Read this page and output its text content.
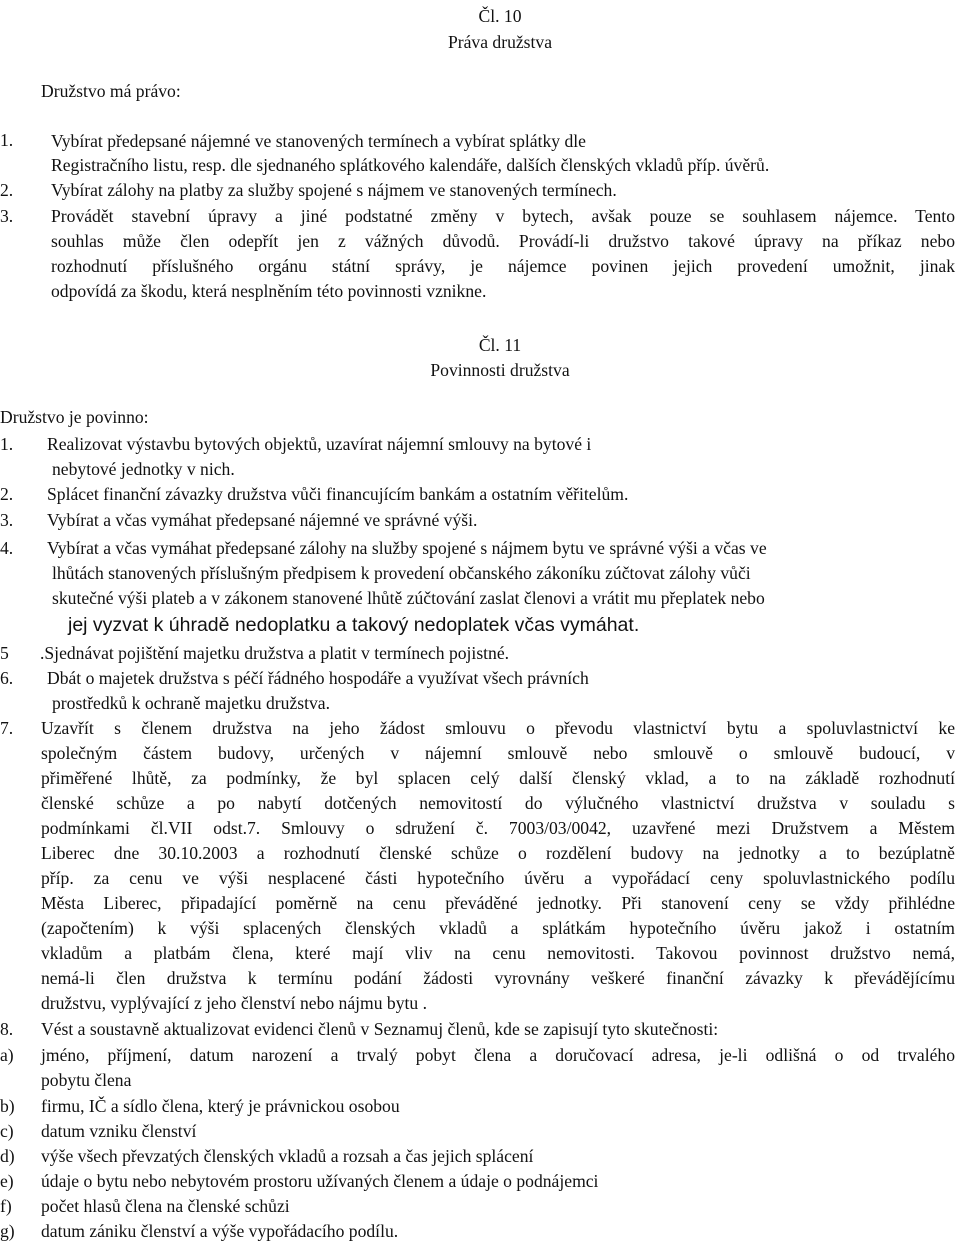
Čl. 10
Práva družstva
Družstvo má právo:
1. Vybírat předepsané nájemné ve stanovených termínech a vybírat splátky dle
Registračního listu, resp. dle sjednaného splátkového kalendáře, dalších členských vkladů příp. úvěrů.
2. Vybírat zálohy na platby za služby spojené s nájmem ve stanovených termínech.
3. Provádět stavební úpravy a jiné podstatné změny v bytech, avšak pouze se souhlasem nájemce. Tento

souhlas může člen odepřít jen z vážných důvodů. Provádí-li družstvo takové úpravy na příkaz nebo

rozhodnutí příslušného orgánu státní správy, je nájemce povinen jejich provedení umožnit, jinak

odpovídá za škodu, která nesplněním této povinnosti vznikne.

Čl. 11
Povinnosti družstva
Družstvo je povinno:
1. Realizovat výstavbu bytových objektů, uzavírat nájemní smlouvy na bytové i
nebytové jednotky v nich.
2. Splácet finanční závazky družstva vůči financujícím bankám a ostatním věřitelům.
3. Vybírat a včas vymáhat předepsané nájemné ve správné výši.
4. Vybírat a včas vymáhat předepsané zálohy na služby spojené s nájmem bytu ve správné výši a včas ve
lhůtách stanovených příslušným předpisem k provedení občanského zákoníku zúčtovat zálohy vůči
skutečné výši plateb a v zákonem stanovené lhůtě zúčtování zaslat členovi a vrátit mu přeplatek nebo
jej vyzvat k úhradě nedoplatku a takový nedoplatek včas vymáhat.
5 .Sjednávat pojištění majetku družstva a platit v termínech pojistné.
6. Dbát o majetek družstva s péčí řádného hospodáře a využívat všech právních
prostředků k ochraně majetku družstva.
7. Uzavřít s členem družstva na jeho žádost smlouvu o převodu vlastnictví bytu a spoluvlastnictví ke

společným částem budovy, určených v nájemní smlouvě nebo smlouvě o smlouvě budoucí, v

přiměřené lhůtě, za podmínky, že byl splacen celý další členský vklad, a to na základě rozhodnutí

členské schůze a po nabytí dotčených nemovitostí do výlučného vlastnictví družstva v souladu s

podmínkami čl.VII odst.7. Smlouvy o sdružení č. 7003/03/0042, uzavřené mezi Družstvem a Městem

Liberec dne 30.10.2003 a rozhodnutí členské schůze o rozdělení budovy na jednotky a to bezúplatně

příp. za cenu ve výši nesplacené části hypotečního úvěru a vypořádací ceny spoluvlastnického podílu

Města Liberec, připadající poměrně na cenu převáděné jednotky. Při stanovení ceny se vždy přihlédne

(započtením) k výši splacených členských vkladů a splátkám hypotečního úvěru jakož i ostatním

vkladům a platbám člena, které mají vliv na cenu nemovitosti. Takovou povinnost družstvo nemá,

nemá-li člen družstva k termínu podání žádosti vyrovnány veškeré finanční závazky k převádějícímu

družstvu, vyplývající z jeho členství nebo nájmu bytu .

8. Vést a soustavně aktualizovat evidenci členů v Seznamuj členů, kde se zapisují tyto skutečnosti:
a) jméno, příjmení, datum narození a trvalý pobyt člena a doručovací adresa, je-li odlišná o od trvalého

pobytu člena

b) firmu, IČ a sídlo člena, který je právnickou osobou
c) datum vzniku členství
d) výše všech převzatých členských vkladů a rozsah a čas jejich splácení
e) údaje o bytu nebo nebytovém prostoru užívaných členem a údaje o podnájemci
f) počet hlasů člena na členské schůzi
g) datum zániku členství a výše vypořádacího podílu.
